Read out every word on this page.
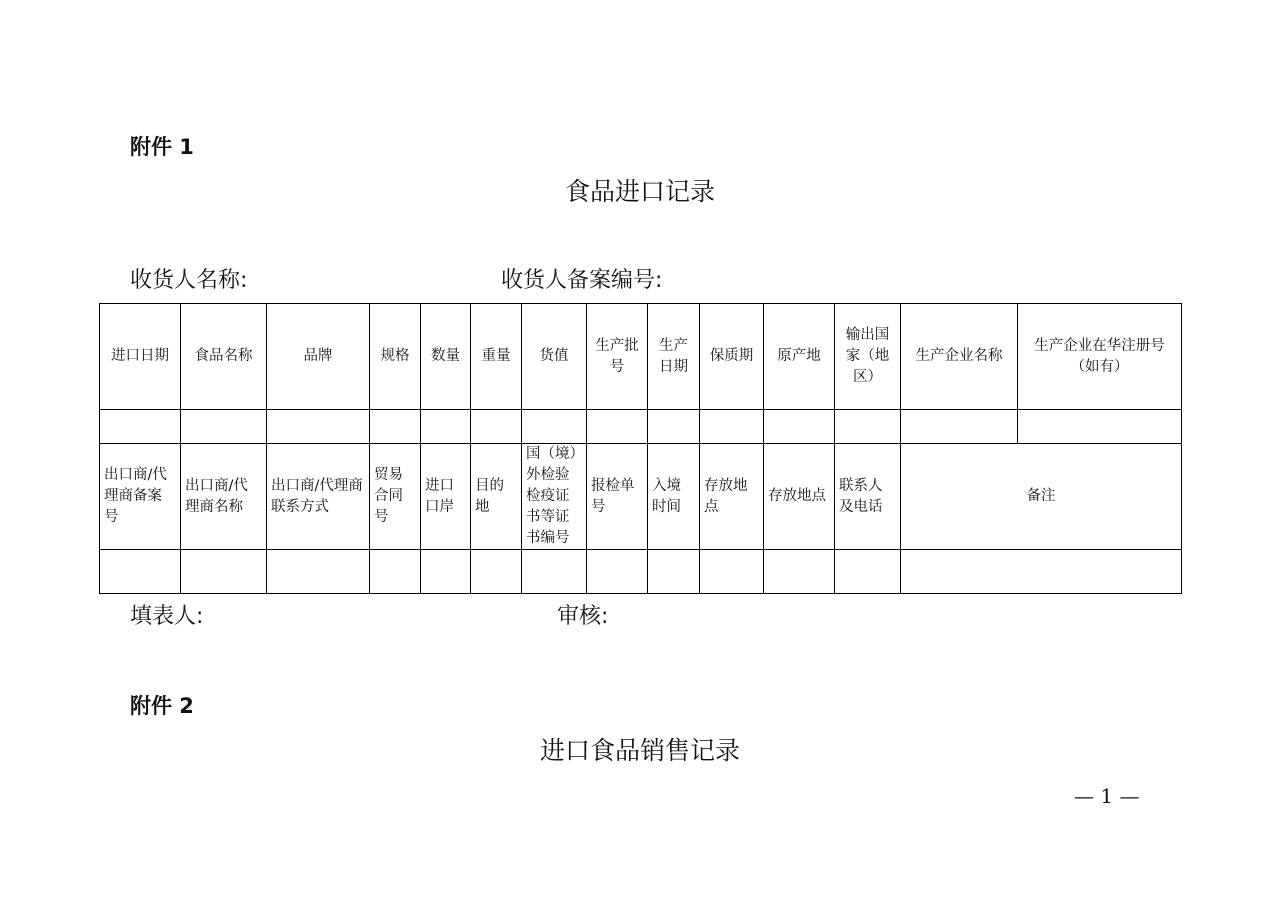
附件 1
食品进口记录
收货人名称:	收货人备案编号:
进口日期	食品名称	品牌	规格	数量	重量	货值	生产批号	生产日期	保质期	原产地	输出国家（地区）	生产企业名称	生产企业在华注册号（如有）

出口商/代理商备案号	出口商/代理商名称	出口商/代理商联系方式	贸易合同号	进口口岸	目的地	国（境）外检验检疫证书等证书编号	报检单号	入境时间	存放地点	存放地点	联系人及电话	备注	

填表人:	审核:
附件 2
进口食品销售记录
— 1 —
